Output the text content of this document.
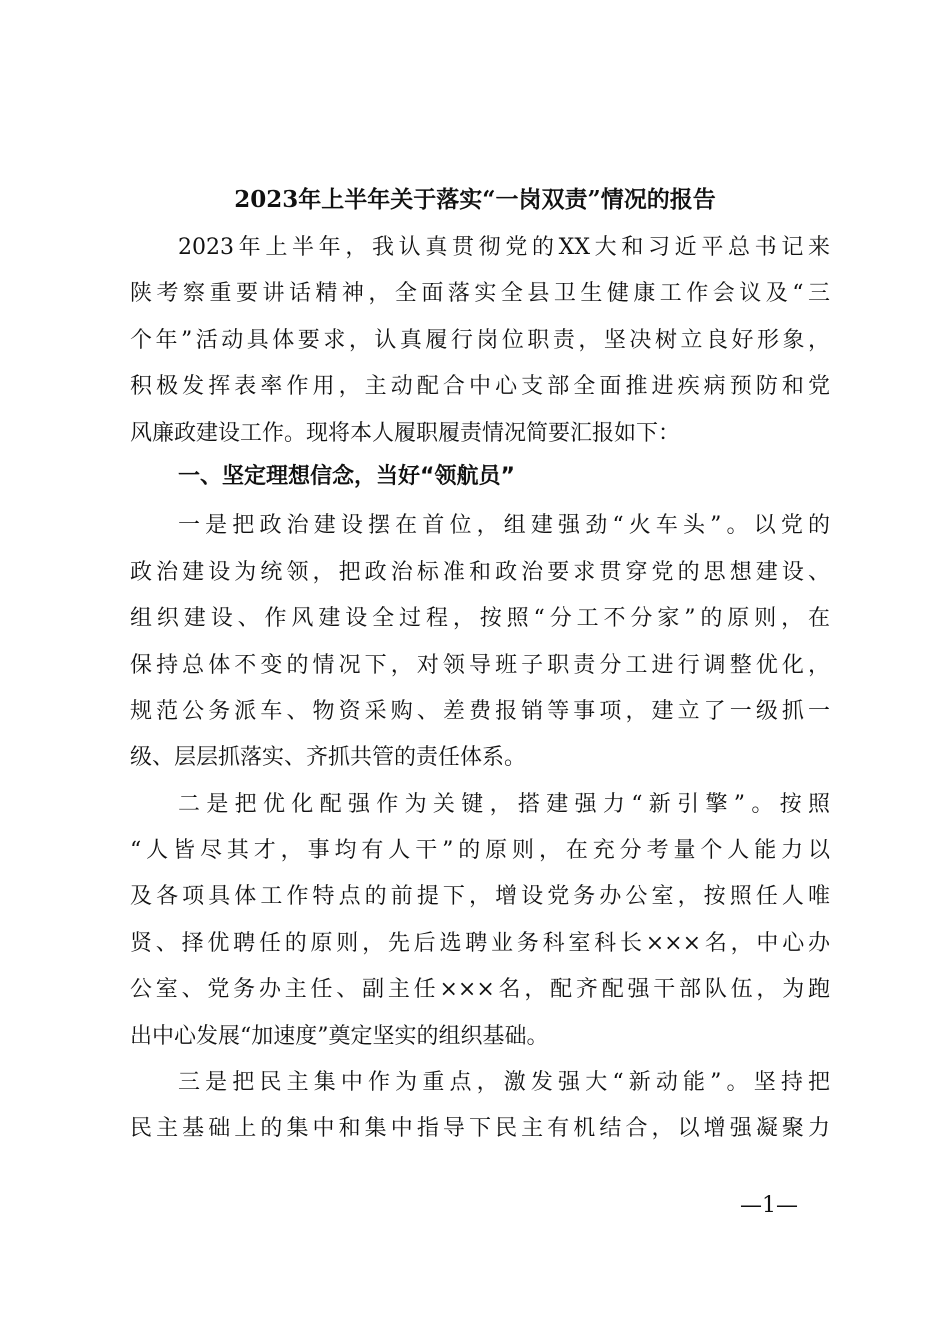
2023年上半年关于落实“一岗双责”情况的报告
2023年上半年，我认真贯彻党的XX大和习近平总书记来
陕考察重要讲话精神，全面落实全县卫生健康工作会议及“三
个年”活动具体要求，认真履行岗位职责，坚决树立良好形象，
积极发挥表率作用，主动配合中心支部全面推进疾病预防和党
风廉政建设工作。现将本人履职履责情况简要汇报如下：
一、坚定理想信念，当好“领航员”
一是把政治建设摆在首位，组建强劲“火车头”。以党的
政治建设为统领，把政治标准和政治要求贯穿党的思想建设、
组织建设、作风建设全过程，按照“分工不分家”的原则，在
保持总体不变的情况下，对领导班子职责分工进行调整优化，
规范公务派车、物资采购、差费报销等事项，建立了一级抓一
级、层层抓落实、齐抓共管的责任体系。
二是把优化配强作为关键，搭建强力“新引擎”。按照
“人皆尽其才，事均有人干”的原则，在充分考量个人能力以
及各项具体工作特点的前提下，增设党务办公室，按照任人唯
贤、择优聘任的原则，先后选聘业务科室科长×××名，中心办
公室、党务办主任、副主任×××名，配齐配强干部队伍，为跑
出中心发展“加速度”奠定坚实的组织基础。
三是把民主集中作为重点，激发强大“新动能”。坚持把
民主基础上的集中和集中指导下民主有机结合，以增强凝聚力
—1—
